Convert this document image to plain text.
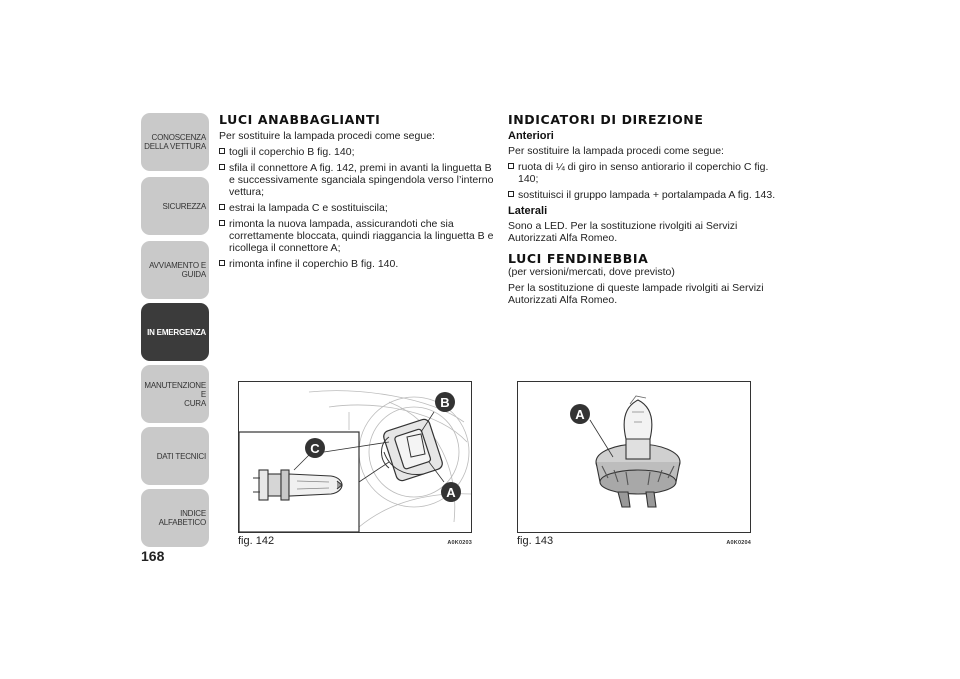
CONOSCENZA
DELLA VETTURA
SICUREZZA
AVVIAMENTO E
GUIDA
IN EMERGENZA
MANUTENZIONE E
CURA
DATI TECNICI
INDICE ALFABETICO
168
LUCI ANABBAGLIANTI

Per sostituire la lampada procedi come segue:

togli il coperchio B fig. 140;
sfila il connettore A fig. 142, premi in avanti la linguetta B e successivamente sganciala spingendola verso l’interno vettura;
estrai la lampada C e sostituiscila;
rimonta la nuova lampada, assicurandoti che sia correttamente bloccata, quindi riaggancia la linguetta B e ricollega il connettore A;
rimonta infine il coperchio B fig. 140.
INDICATORI DI DIREZIONE
Anteriori

Per sostituire la lampada procedi come segue:

ruota di ¼ di giro in senso antiorario il coperchio C fig. 140;
sostituisci il gruppo lampada + portalampada A fig. 143.
Laterali

Sono a LED. Per la sostituzione rivolgiti ai Servizi Autorizzati Alfa Romeo.

LUCI FENDINEBBIA

(per versioni/mercati, dove previsto)

Per la sostituzione di queste lampade rivolgiti ai Servizi Autorizzati Alfa Romeo.

B
C
A
fig. 142	A0K0203
A
fig. 143	A0K0204
